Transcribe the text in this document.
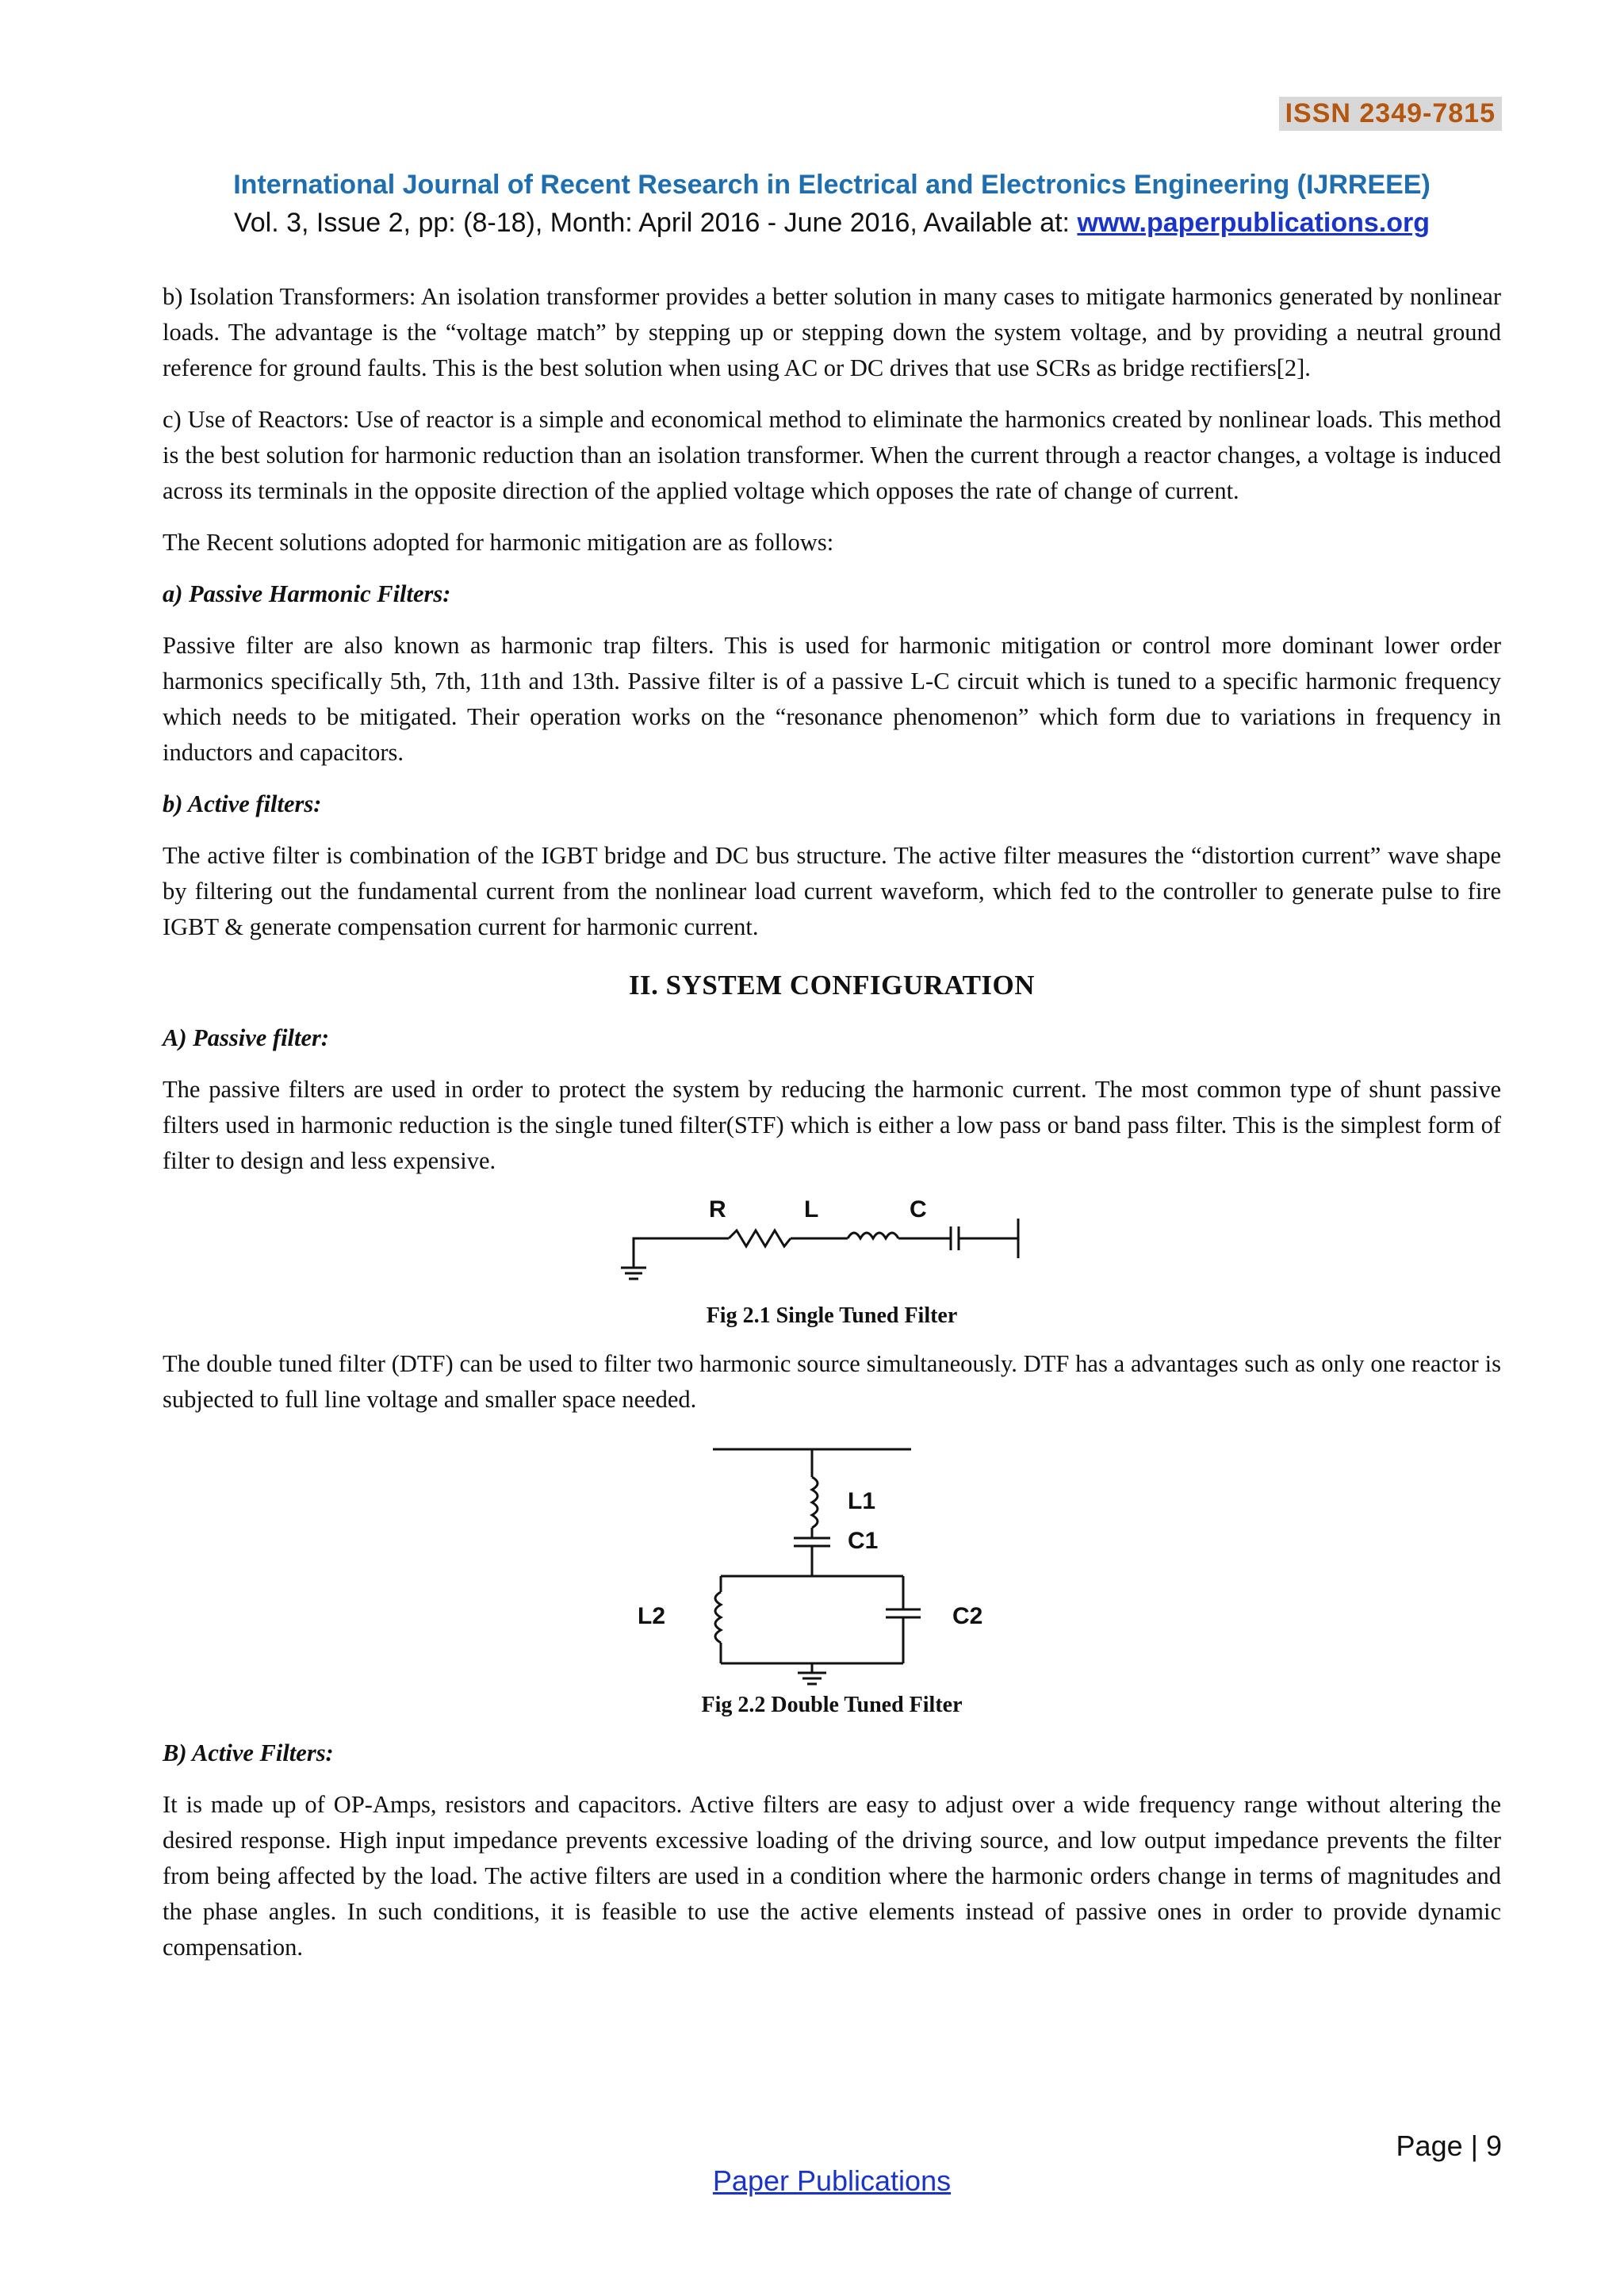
ISSN 2349-7815
International Journal of Recent Research in Electrical and Electronics Engineering (IJRREEE)
Vol. 3, Issue 2, pp: (8-18), Month: April 2016 - June 2016, Available at: www.paperpublications.org

b) Isolation Transformers: An isolation transformer provides a better solution in many cases to mitigate harmonics generated by nonlinear loads. The advantage is the “voltage match” by stepping up or stepping down the system voltage, and by providing a neutral ground reference for ground faults. This is the best solution when using AC or DC drives that use SCRs as bridge rectifiers[2].

c) Use of Reactors: Use of reactor is a simple and economical method to eliminate the harmonics created by nonlinear loads. This method is the best solution for harmonic reduction than an isolation transformer. When the current through a reactor changes, a voltage is induced across its terminals in the opposite direction of the applied voltage which opposes the rate of change of current.

The Recent solutions adopted for harmonic mitigation are as follows:

a) Passive Harmonic Filters:

Passive filter are also known as harmonic trap filters. This is used for harmonic mitigation or control more dominant lower order harmonics specifically 5th, 7th, 11th and 13th. Passive filter is of a passive L-C circuit which is tuned to a specific harmonic frequency which needs to be mitigated. Their operation works on the “resonance phenomenon” which form due to variations in frequency in inductors and capacitors.

b) Active filters:

The active filter is combination of the IGBT bridge and DC bus structure. The active filter measures the “distortion current” wave shape by filtering out the fundamental current from the nonlinear load current waveform, which fed to the controller to generate pulse to fire IGBT & generate compensation current for harmonic current.

II. SYSTEM CONFIGURATION
A) Passive filter:

The passive filters are used in order to protect the system by reducing the harmonic current. The most common type of shunt passive filters used in harmonic reduction is the single tuned filter(STF) which is either a low pass or band pass filter. This is the simplest form of filter to design and less expensive.

R	L	C
Fig 2.1 Single Tuned Filter

The double tuned filter (DTF) can be used to filter two harmonic source simultaneously. DTF has a advantages such as only one reactor is subjected to full line voltage and smaller space needed.

L1
C1
L2	C2
Fig 2.2 Double Tuned Filter
B) Active Filters:

It is made up of OP-Amps, resistors and capacitors. Active filters are easy to adjust over a wide frequency range without altering the desired response. High input impedance prevents excessive loading of the driving source, and low output impedance prevents the filter from being affected by the load. The active filters are used in a condition where the harmonic orders change in terms of magnitudes and the phase angles. In such conditions, it is feasible to use the active elements instead of passive ones in order to provide dynamic compensation.

Page | 9
Paper Publications
